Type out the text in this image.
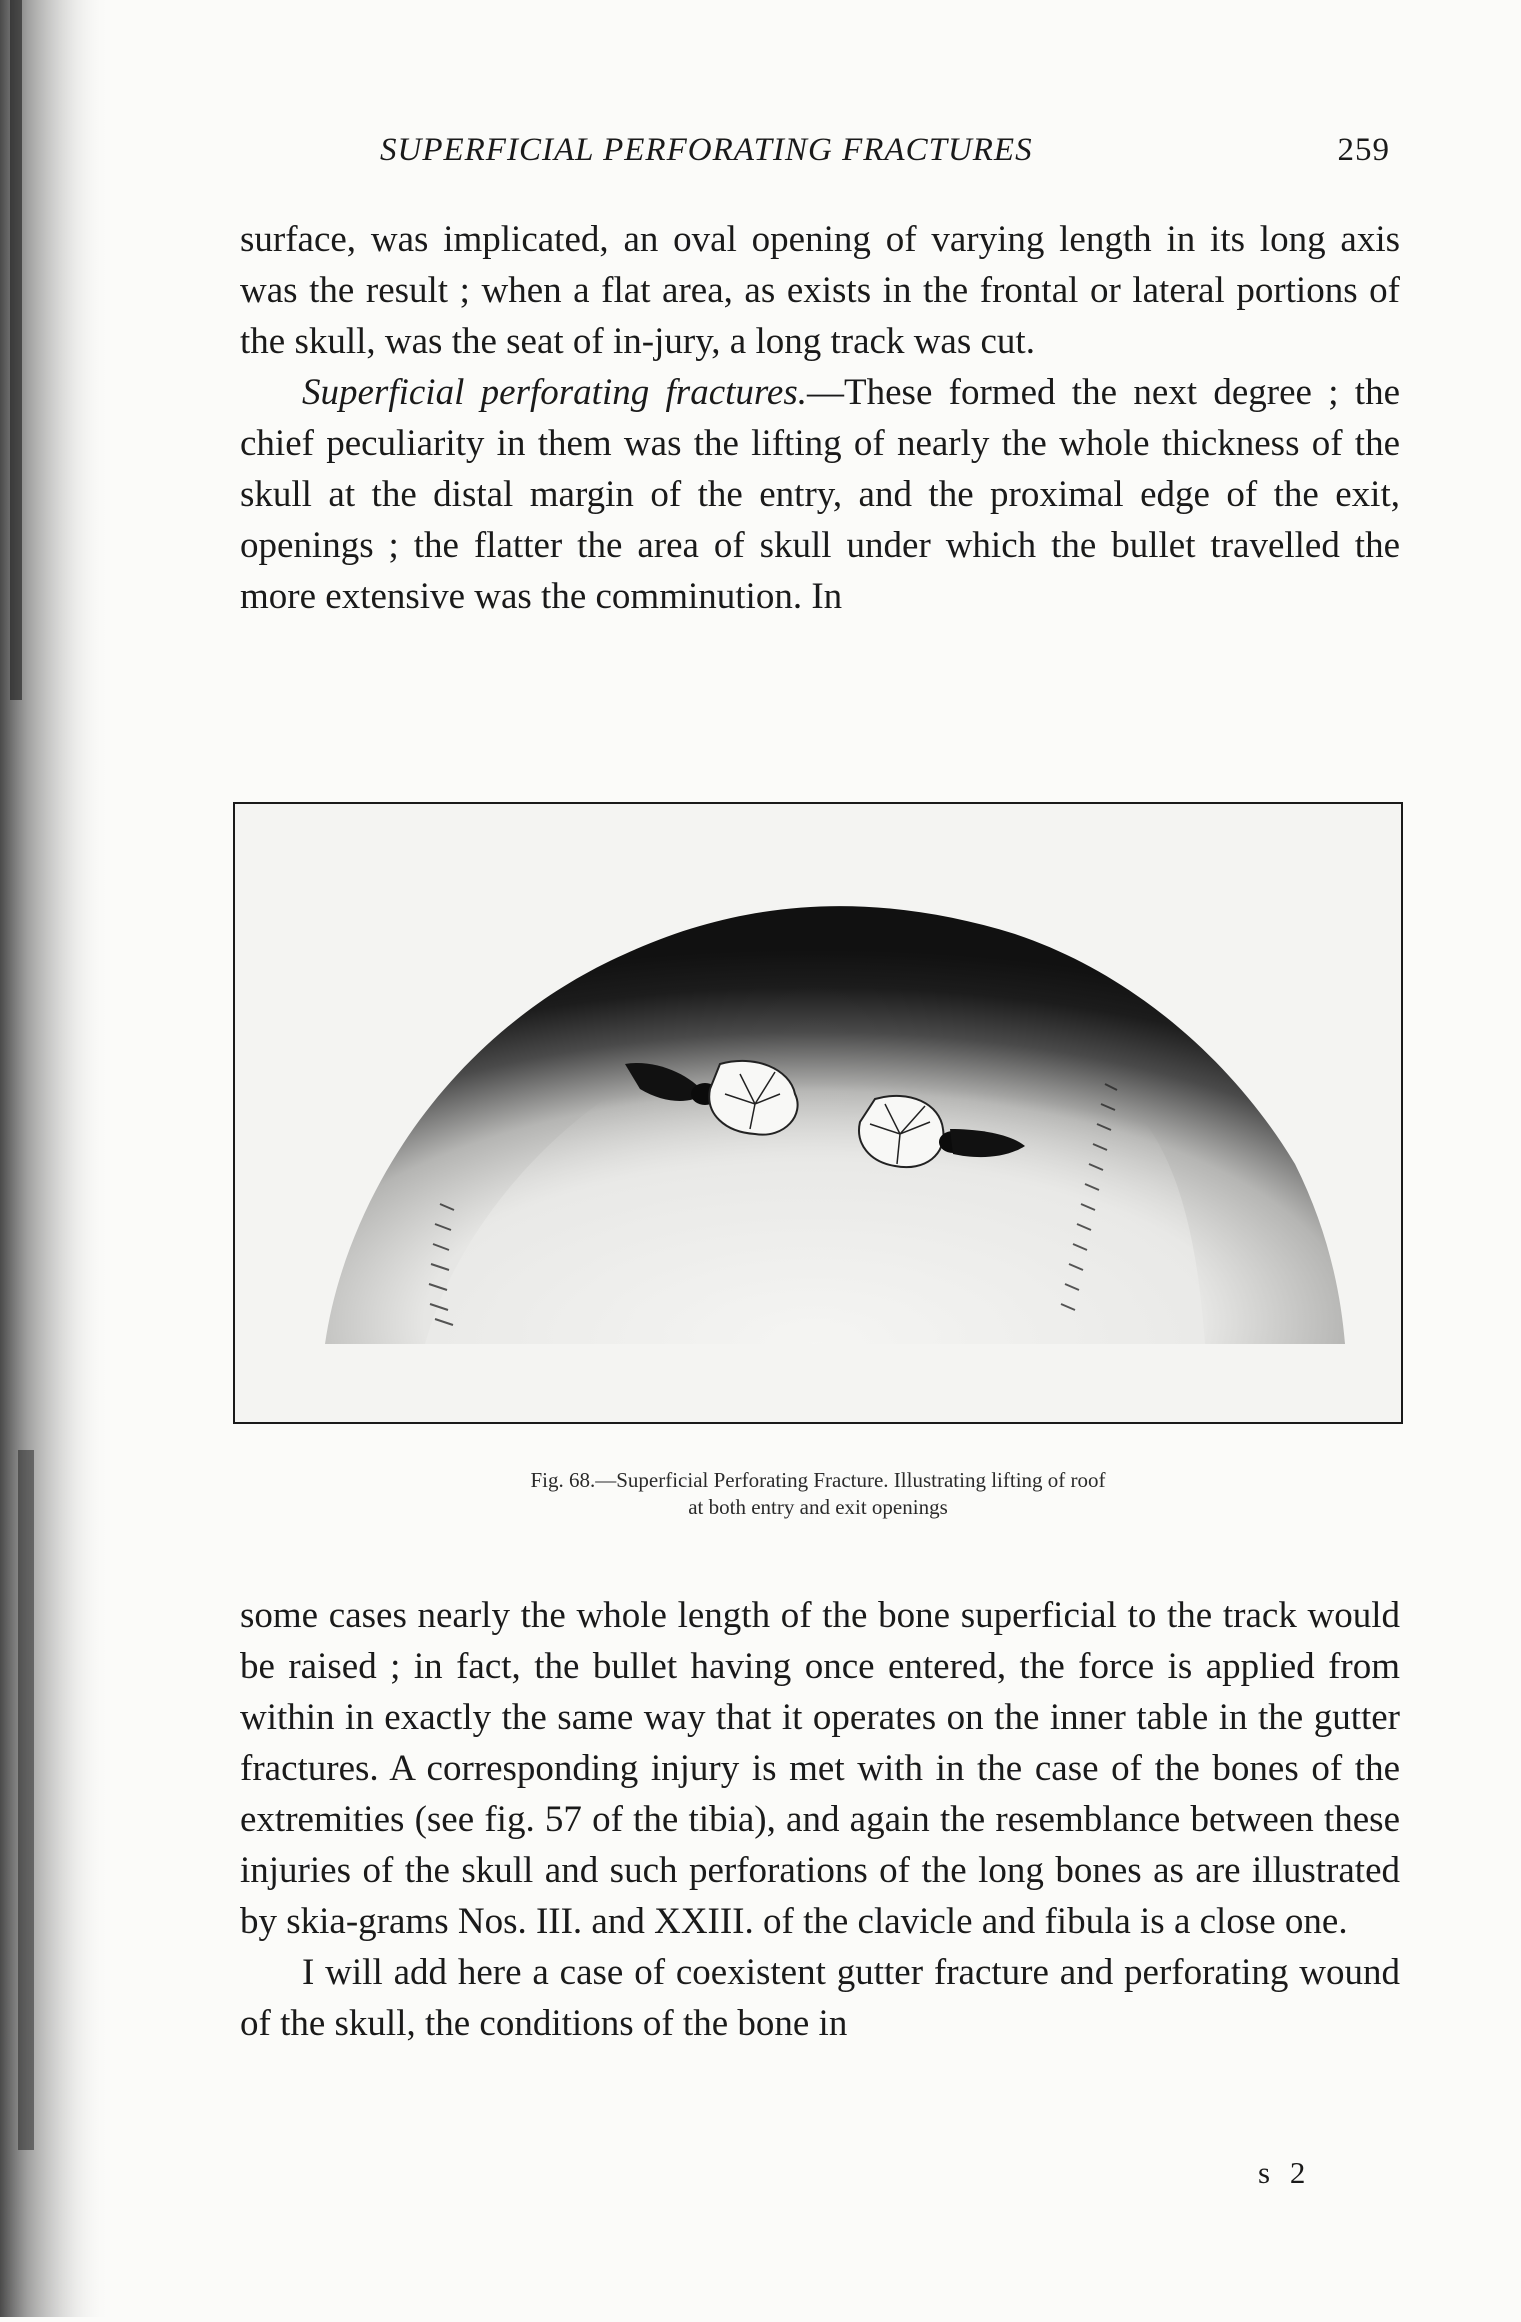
SUPERFICIAL PERFORATING FRACTURES	259

surface, was implicated, an oval opening of varying length in its long axis was the result ; when a flat area, as exists in the frontal or lateral portions of the skull, was the seat of in-jury, a long track was cut.

Superficial perforating fractures.—These formed the next degree ; the chief peculiarity in them was the lifting of nearly the whole thickness of the skull at the distal margin of the entry, and the proximal edge of the exit, openings ; the flatter the area of skull under which the bullet travelled the more extensive was the comminution. In

Fig. 68.—Superficial Perforating Fracture. Illustrating lifting of roof
at both entry and exit openings

some cases nearly the whole length of the bone superficial to the track would be raised ; in fact, the bullet having once entered, the force is applied from within in exactly the same way that it operates on the inner table in the gutter fractures. A corresponding injury is met with in the case of the bones of the extremities (see fig. 57 of the tibia), and again the resemblance between these injuries of the skull and such perforations of the long bones as are illustrated by skia-grams Nos. III. and XXIII. of the clavicle and fibula is a close one.

I will add here a case of coexistent gutter fracture and perforating wound of the skull, the conditions of the bone in

s 2
